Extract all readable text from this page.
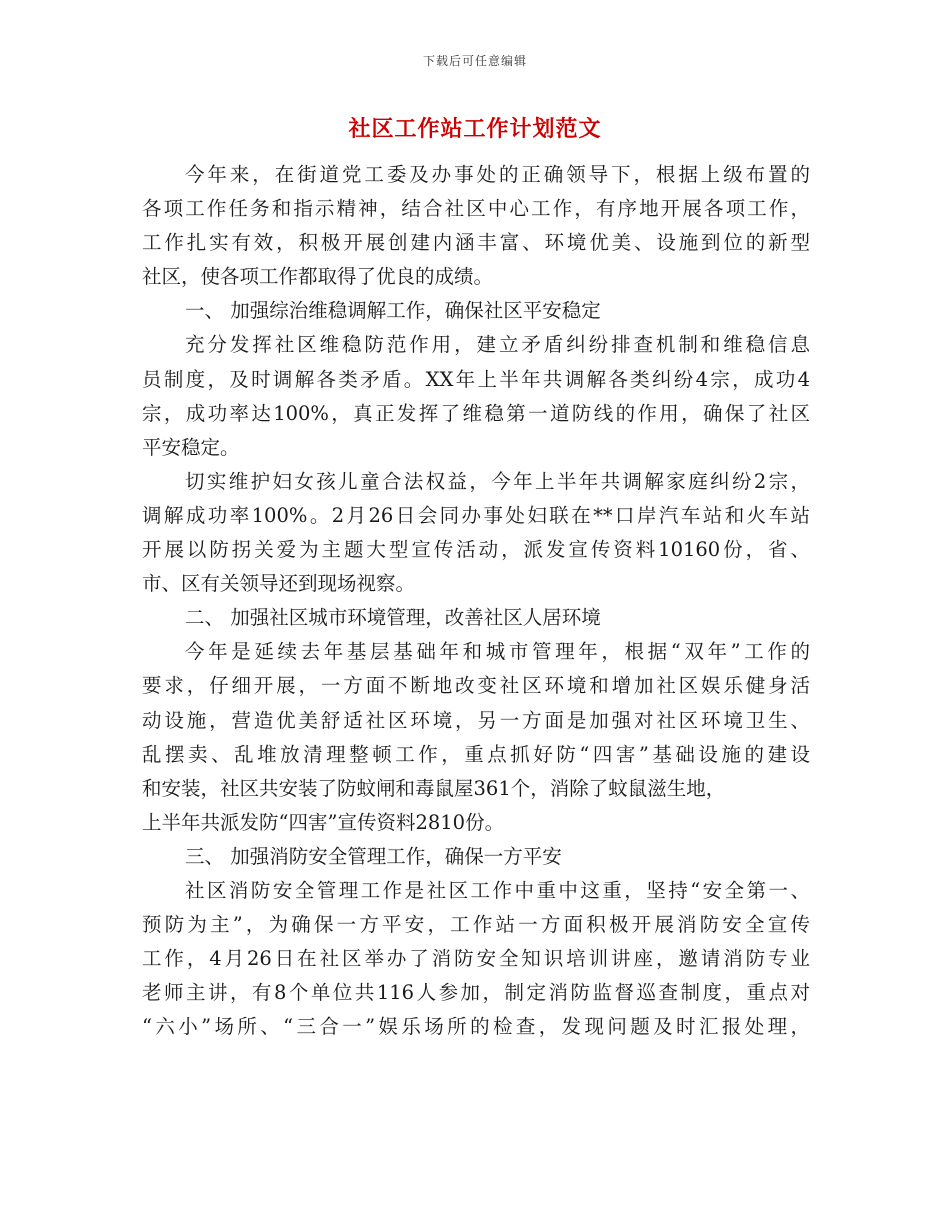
下载后可任意编辑
社区工作站工作计划范文
今年来，在街道党工委及办事处的正确领导下，根据上级布置的
各项工作任务和指示精神，结合社区中心工作，有序地开展各项工作，
工作扎实有效，积极开展创建内涵丰富、环境优美、设施到位的新型
社区，使各项工作都取得了优良的成绩。
一、 加强综治维稳调解工作，确保社区平安稳定
充分发挥社区维稳防范作用，建立矛盾纠纷排查机制和维稳信息
员制度，及时调解各类矛盾。XX年上半年共调解各类纠纷4宗，成功4
宗，成功率达100%，真正发挥了维稳第一道防线的作用，确保了社区
平安稳定。
切实维护妇女孩儿童合法权益，今年上半年共调解家庭纠纷2宗，
调解成功率100%。2月26日会同办事处妇联在**口岸汽车站和火车站
开展以防拐关爱为主题大型宣传活动，派发宣传资料10160份，省、
市、区有关领导还到现场视察。
二、 加强社区城市环境管理，改善社区人居环境
今年是延续去年基层基础年和城市管理年，根据“双年”工作的
要求，仔细开展，一方面不断地改变社区环境和增加社区娱乐健身活
动设施，营造优美舒适社区环境，另一方面是加强对社区环境卫生、
乱摆卖、乱堆放清理整顿工作，重点抓好防“四害”基础设施的建设
和安装，社区共安装了防蚊闸和毒鼠屋361个，消除了蚊鼠滋生地，
上半年共派发防“四害”宣传资料2810份。
三、 加强消防安全管理工作，确保一方平安
社区消防安全管理工作是社区工作中重中这重，坚持“安全第一、
预防为主”，为确保一方平安，工作站一方面积极开展消防安全宣传
工作，4月26日在社区举办了消防安全知识培训讲座，邀请消防专业
老师主讲，有8个单位共116人参加，制定消防监督巡查制度，重点对
“六小”场所、“三合一”娱乐场所的检查，发现问题及时汇报处理，
